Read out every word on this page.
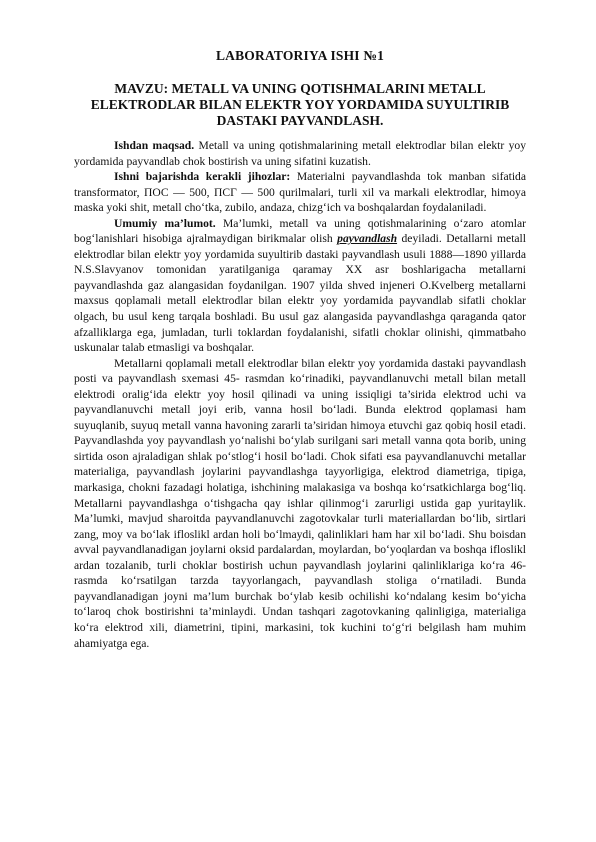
LABORATORIYA ISHI №1

MAVZU: METALL VA UNING QOTISHMALARINI METALL ELEKTRODLAR BILAN ELEKTR YOY YORDAMIDA SUYULTIRIB DASTAKI PAYVANDLASH.

Ishdan maqsad. Metall va uning qotishmalarining metall elektrodlar bilan elektr yoy yordamida payvandlab chok bostirish va uning sifatini kuzatish.

Ishni bajarishda kerakli jihozlar: Materialni payvandlashda tok manban sifatida transformator, ПОС — 500, ПСГ — 500 qurilmalari, turli xil va markali elektrodlar, himoya maska yoki shit, metall cho‘tka, zubilo, andaza, chizg‘ich va boshqalardan foydalaniladi.

Umumiy ma’lumot. Ma’lumki, metall va uning qotishmalarining o‘zaro atomlar bog‘lanishlari hisobiga ajralmaydigan birikmalar olish payvandlash deyiladi. Detallarni metall elektrodlar bilan elektr yoy yordamida suyultirib dastaki payvandlash usuli 1888—1890 yillarda N.S.Slavyanov tomonidan yaratilganiga qaramay XX asr boshlarigacha metallarni payvandlashda gaz alangasidan foydanilgan. 1907 yilda shved injeneri O.Kvelberg metallarni maxsus qoplamali metall elektrodlar bilan elektr yoy yordamida payvandlab sifatli choklar olgach, bu usul keng tarqala boshladi. Bu usul gaz alangasida payvandlashga qaraganda qator afzalliklarga ega, jumladan, turli toklardan foydalanishi, sifatli choklar olinishi, qimmatbaho uskunalar talab etmasligi va boshqalar.

Metallarni qoplamali metall elektrodlar bilan elektr yoy yordamida dastaki payvandlash posti va payvandlash sxemasi 45- rasmdan ko‘rinadiki, payvandlanuvchi metall bilan metall elektrodi oralig‘ida elektr yoy hosil qilinadi va uning issiqligi ta’sirida elektrod uchi va payvandlanuvchi metall joyi erib, vanna hosil bo‘ladi. Bunda elektrod qoplamasi ham suyuqlanib, suyuq metall vanna havoning zararli ta’siridan himoya etuvchi gaz qobiq hosil etadi. Payvandlashda yoy payvandlash yo‘nalishi bo‘ylab surilgani sari metall vanna qota borib, uning sirtida oson ajraladigan shlak po‘stlog‘i hosil bo‘ladi. Chok sifati esa payvandlanuvchi metallar materialiga, payvandlash joylarini payvandlashga tayyorligiga, elektrod diametriga, tipiga, markasiga, chokni fazadagi holatiga, ishchining malakasiga va boshqa ko‘rsatkichlarga bog‘liq. Metallarni payvandlashga o‘tishgacha qay ishlar qilinmog‘i zarurligi ustida gap yuritaylik. Ma’lumki, mavjud sharoitda payvandlanuvchi zagotovkalar turli materiallardan bo‘lib, sirtlari zang, moy va bo‘lak ifloslikl ardan holi bo‘lmaydi, qalinliklari ham har xil bo‘ladi. Shu boisdan avval payvandlanadigan joylarni oksid pardalardan, moylardan, bo‘yoqlardan va boshqa ifloslikl ardan tozalanib, turli choklar bostirish uchun payvandlash joylarini qalinliklariga ko‘ra 46-rasmda ko‘rsatilgan tarzda tayyorlangach, payvandlash stoliga o‘rnatiladi. Bunda payvandlanadigan joyni ma’lum burchak bo‘ylab kesib ochilishi ko‘ndalang kesim bo‘yicha to‘laroq chok bostirishni ta’minlaydi. Undan tashqari zagotovkaning qalinligiga, materialiga ko‘ra elektrod xili, diametrini, tipini, markasini, tok kuchini to‘g‘ri belgilash ham muhim ahamiyatga ega.
